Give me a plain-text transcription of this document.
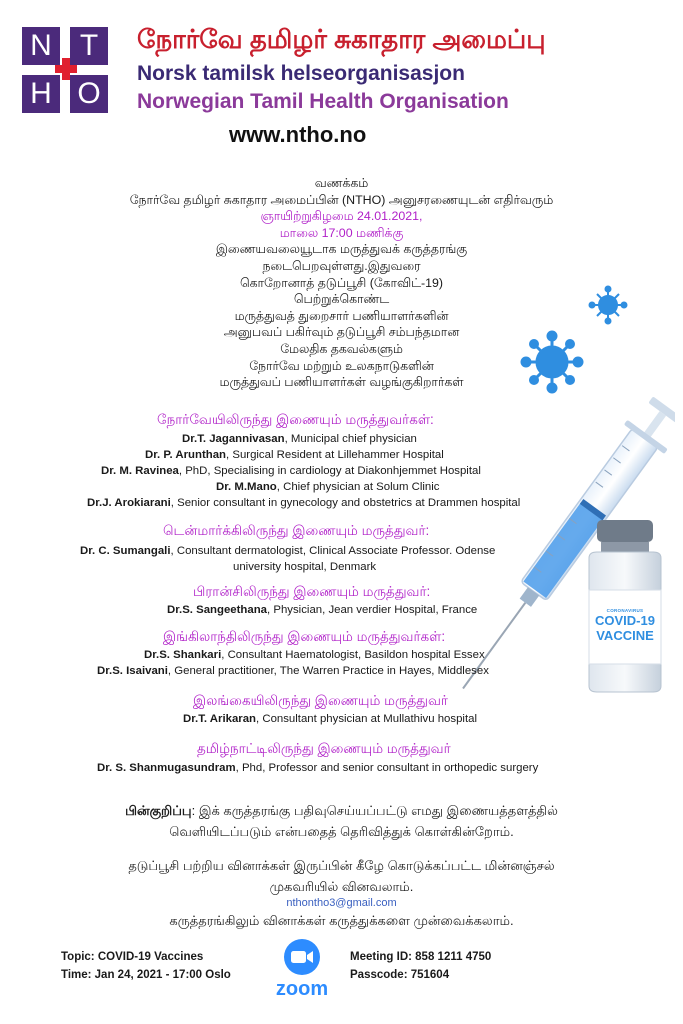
N T
H O
நோர்வே தமிழர் சுகாதார அமைப்பு
Norsk tamilsk helseorganisasjon
Norwegian Tamil Health Organisation
www.ntho.no
CORONAVIRUS
COVID-19
VACCINE
வணக்கம்
நோர்வே தமிழர் சுகாதார அமைப்பின் (NTHO) அனுசரணையுடன் எதிர்வரும்
ஞாயிற்றுகிழமை 24.01.2021,
மாலை 17:00 மணிக்கு
இணையவலையூடாக மருத்துவக் கருத்தரங்கு
நடைபெறவுள்ளது.இதுவரை
கொறோனாத் தடுப்பூசி (கோவிட்-19)
பெற்றுக்கொண்ட
மருத்துவத் துறைசார் பணியாளர்களின்
அனுபவப் பகிர்வும் தடுப்பூசி சம்பந்தமான
மேலதிக தகவல்களும்
நோர்வே மற்றும் உலகநாடுகளின்
மருத்துவப் பணியாளர்கள் வழங்குகிறார்கள்
நோர்வேயிலிருந்து இணையும் மருத்துவர்கள்:
Dr.T. Jagannivasan, Municipal chief physician
Dr. P. Arunthan, Surgical Resident at Lillehammer Hospital
Dr. M. Ravinea, PhD, Specialising in cardiology at Diakonhjemmet Hospital
Dr. M.Mano, Chief physician at Solum Clinic
Dr.J. Arokiarani, Senior consultant in gynecology and obstetrics at Drammen hospital
டென்மார்க்கிலிருந்து இணையும் மருத்துவர்:
Dr. C. Sumangali, Consultant dermatologist, Clinical Associate Professor. Odense
university hospital, Denmark
பிரான்சிலிருந்து இணையும் மருத்துவர்:
Dr.S. Sangeethana, Physician, Jean verdier Hospital, France
இங்கிலாந்திலிருந்து இணையும் மருத்துவர்கள்:
Dr.S. Shankari, Consultant Haematologist, Basildon hospital Essex
Dr.S. Isaivani, General practitioner, The Warren Practice in Hayes, Middlesex
இலங்கையிலிருந்து இணையும் மருத்துவர்
Dr.T. Arikaran, Consultant physician at Mullathivu hospital
தமிழ்நாட்டிலிருந்து இணையும் மருத்துவர்
Dr. S. Shanmugasundram, Phd, Professor and senior consultant in orthopedic surgery
பின்குறிப்பு: இக் கருத்தரங்கு பதிவுசெய்யப்பட்டு எமது இணையத்தளத்தில்
வெளியிடப்படும் என்பதைத் தெரிவித்துக் கொள்கின்றோம்.
தடுப்பூசி பற்றிய வினாக்கள் இருப்பின் கீழே கொடுக்கப்பட்ட மின்னஞ்சல்
முகவரியில் வினவலாம்.
nthontho3@gmail.com
கருத்தரங்கிலும் வினாக்கள் கருத்துக்களை முன்வைக்கலாம்.
Topic: COVID-19 Vaccines
Time: Jan 24, 2021 - 17:00 Oslo
Meeting ID: 858 1211 4750
Passcode: 751604
zoom
